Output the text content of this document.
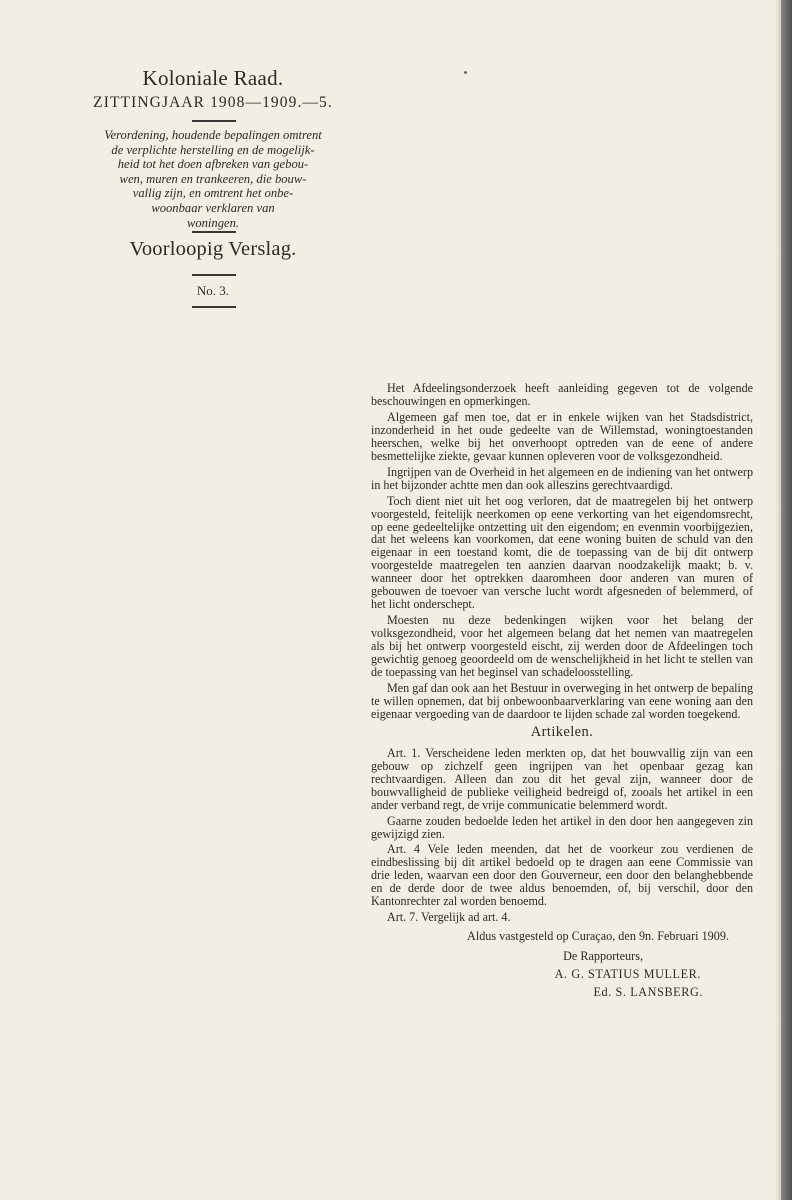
Koloniale Raad.
ZITTINGJAAR 1908—1909.—5.
Verordening, houdende bepalingen omtrent
de verplichte herstelling en de mogelijk-
heid tot het doen afbreken van gebou-
wen, muren en trankeeren, die bouw-
vallig zijn, en omtrent het onbe-
woonbaar verklaren van
woningen.
Voorloopig Verslag.
No. 3.

Het Afdeelingsonderzoek heeft aanleiding gegeven tot de volgende beschouwingen en opmerkingen.

Algemeen gaf men toe, dat er in enkele wijken van het Stadsdistrict, inzonderheid in het oude gedeelte van de Willemstad, woningtoestanden heerschen, welke bij het onverhoopt optreden van de eene of andere besmettelijke ziekte, gevaar kunnen opleveren voor de volksgezondheid.

Ingrijpen van de Overheid in het algemeen en de indiening van het ontwerp in het bijzonder achtte men dan ook alleszins gerechtvaardigd.

Toch dient niet uit het oog verloren, dat de maatregelen bij het ontwerp voorgesteld, feitelijk neerkomen op eene verkorting van het eigendomsrecht, op eene gedeeltelijke ontzetting uit den eigendom; en evenmin voorbijgezien, dat het weleens kan voorkomen, dat eene woning buiten de schuld van den eigenaar in een toestand komt, die de toepassing van de bij dit ontwerp voorgestelde maatregelen ten aanzien daarvan noodzakelijk maakt; b. v. wanneer door het optrekken daaromheen door anderen van muren of gebouwen de toevoer van versche lucht wordt afgesneden of belemmerd, of het licht onderschept.

Moesten nu deze bedenkingen wijken voor het belang der volksgezondheid, voor het algemeen belang dat het nemen van maatregelen als bij het ontwerp voorgesteld eischt, zij werden door de Afdeelingen toch gewichtig genoeg geoordeeld om de wenschelijkheid in het licht te stellen van de toepassing van het beginsel van schadeloosstelling.

Men gaf dan ook aan het Bestuur in overweging in het ontwerp de bepaling te willen opnemen, dat bij onbewoonbaarverklaring van eene woning aan den eigenaar vergoeding van de daardoor te lijden schade zal worden toegekend.

Artikelen.

Art. 1. Verscheidene leden merkten op, dat het bouwvallig zijn van een gebouw op zichzelf geen ingrijpen van het openbaar gezag kan rechtvaardigen. Alleen dan zou dit het geval zijn, wanneer door de bouwvalligheid de publieke veiligheid bedreigd of, zooals het artikel in een ander verband regt, de vrije communicatie belemmerd wordt.

Gaarne zouden bedoelde leden het artikel in den door hen aangegeven zin gewijzigd zien.

Art. 4 Vele leden meenden, dat het de voorkeur zou verdienen de eindbeslissing bij dit artikel bedoeld op te dragen aan eene Commissie van drie leden, waarvan een door den Gouverneur, een door den belanghebbende en de derde door de twee aldus benoemden, of, bij verschil, door den Kantonrechter zal worden benoemd.

Art. 7. Vergelijk ad art. 4.

Aldus vastgesteld op Curaçao, den 9n. Februari 1909.
De Rapporteurs,
A. G. STATIUS MULLER.
Ed. S. LANSBERG.
